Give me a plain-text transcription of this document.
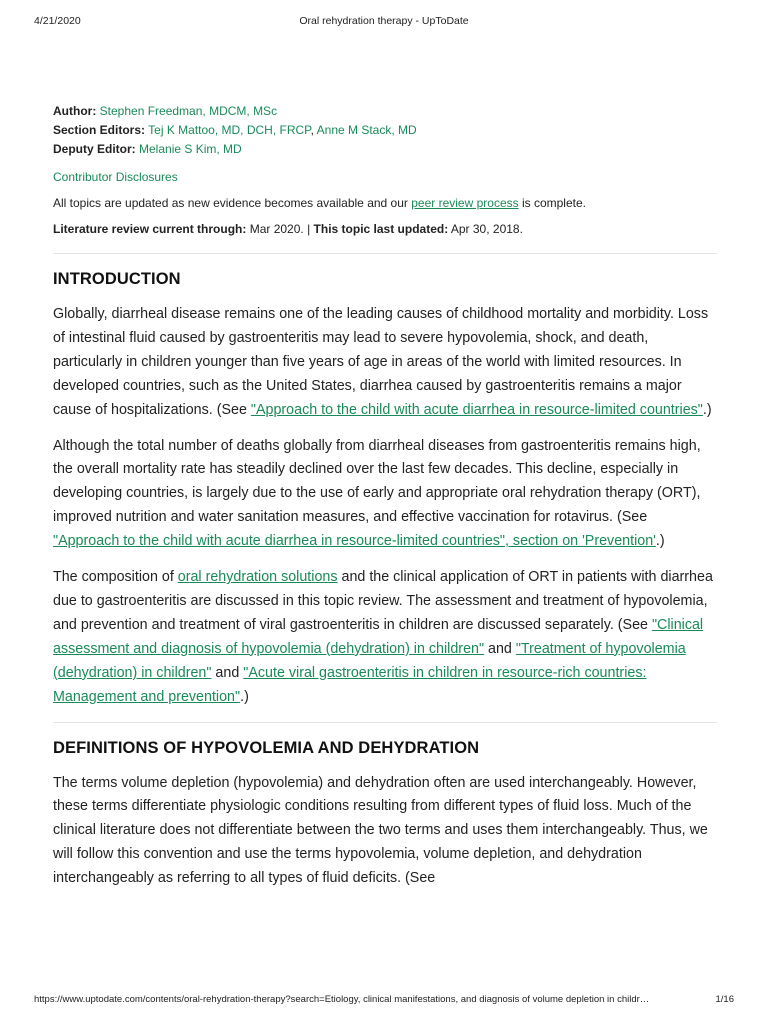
4/21/2020	Oral rehydration therapy - UpToDate
Author: Stephen Freedman, MDCM, MSc
Section Editors: Tej K Mattoo, MD, DCH, FRCP, Anne M Stack, MD
Deputy Editor: Melanie S Kim, MD
Contributor Disclosures
All topics are updated as new evidence becomes available and our peer review process is complete.
Literature review current through: Mar 2020. | This topic last updated: Apr 30, 2018.
INTRODUCTION

Globally, diarrheal disease remains one of the leading causes of childhood mortality and morbidity. Loss of intestinal fluid caused by gastroenteritis may lead to severe hypovolemia, shock, and death, particularly in children younger than five years of age in areas of the world with limited resources. In developed countries, such as the United States, diarrhea caused by gastroenteritis remains a major cause of hospitalizations. (See "Approach to the child with acute diarrhea in resource-limited countries".)

Although the total number of deaths globally from diarrheal diseases from gastroenteritis remains high, the overall mortality rate has steadily declined over the last few decades. This decline, especially in developing countries, is largely due to the use of early and appropriate oral rehydration therapy (ORT), improved nutrition and water sanitation measures, and effective vaccination for rotavirus. (See "Approach to the child with acute diarrhea in resource-limited countries", section on 'Prevention'.)

The composition of oral rehydration solutions and the clinical application of ORT in patients with diarrhea due to gastroenteritis are discussed in this topic review. The assessment and treatment of hypovolemia, and prevention and treatment of viral gastroenteritis in children are discussed separately. (See "Clinical assessment and diagnosis of hypovolemia (dehydration) in children" and "Treatment of hypovolemia (dehydration) in children" and "Acute viral gastroenteritis in children in resource-rich countries: Management and prevention".)

DEFINITIONS OF HYPOVOLEMIA AND DEHYDRATION

The terms volume depletion (hypovolemia) and dehydration often are used interchangeably. However, these terms differentiate physiologic conditions resulting from different types of fluid loss. Much of the clinical literature does not differentiate between the two terms and uses them interchangeably. Thus, we will follow this convention and use the terms hypovolemia, volume depletion, and dehydration interchangeably as referring to all types of fluid deficits. (See

https://www.uptodate.com/contents/oral-rehydration-therapy?search=Etiology, clinical manifestations, and diagnosis of volume depletion in childr…	1/16
